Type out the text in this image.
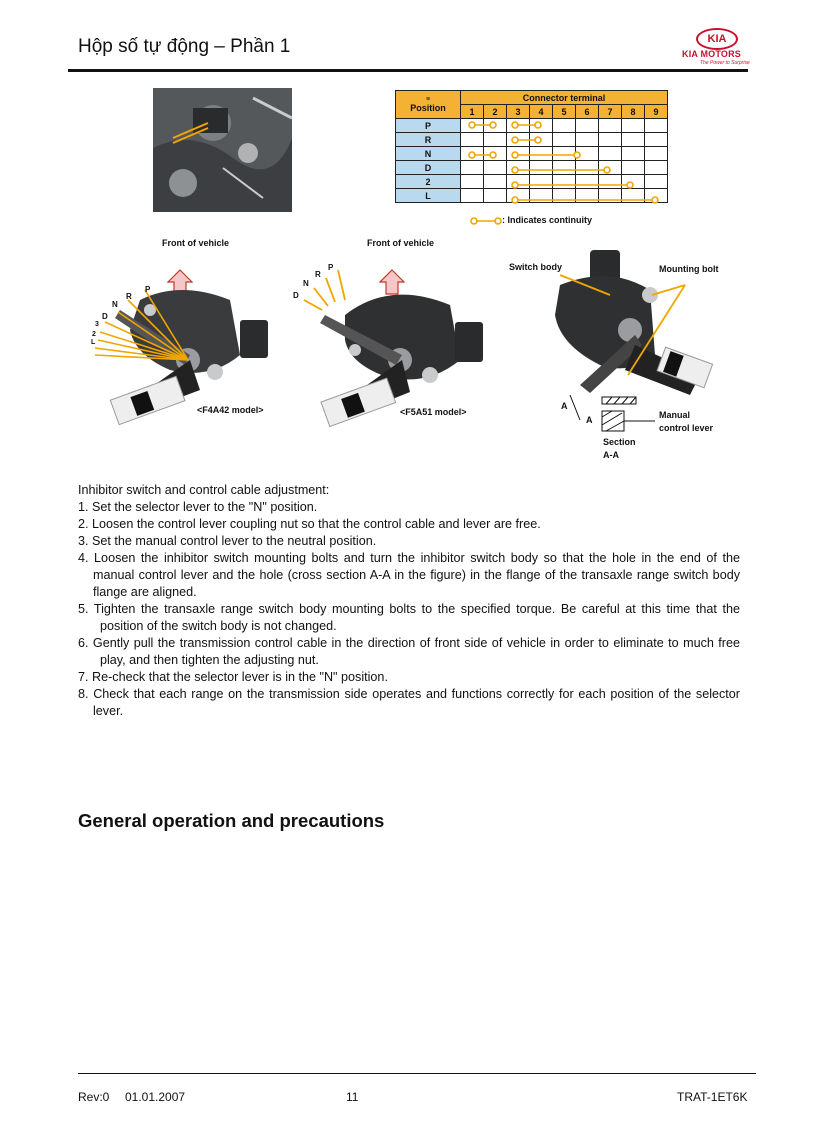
Hộp số tự động – Phần 1	KIA
KIA MOTORS
The Power to Surprise
≡
Position	Connector terminal								
	1	2	3	4	5	6	7	8	9
P									
R									
N									
D									
2									
L									
: Indicates continuity
Front of vehicle
P
R
N
D
3
2
L
<F4A42 model>
Front of vehicle
P
R
N
D
<F5A51 model>
Switch body	Mounting bolt
A
A	Manual
control lever
Section
A-A

Inhibitor switch and control cable adjustment:

1. Set the selector lever to the "N" position.

2. Loosen the control lever coupling nut so that the control cable and lever are free.

3. Set the manual control lever to the neutral position.

4. Loosen the inhibitor switch mounting bolts and turn the inhibitor switch body so that the hole in the end of the manual control lever and the hole (cross section A-A in the figure) in the flange of the transaxle range switch body flange are aligned.

5. Tighten the transaxle range switch body mounting bolts to the specified torque. Be careful at this time that the position of the switch body is not changed.

6. Gently pull the transmission control cable in the direction of front side of vehicle in order to eliminate to much free play, and then tighten the adjusting nut.

7. Re-check that the selector lever is in the "N" position.

8. Check that each range on the transmission side operates and functions correctly for each position of the selector lever.

General operation and precautions
Rev:0 01.01.2007	11	TRAT-1ET6K
